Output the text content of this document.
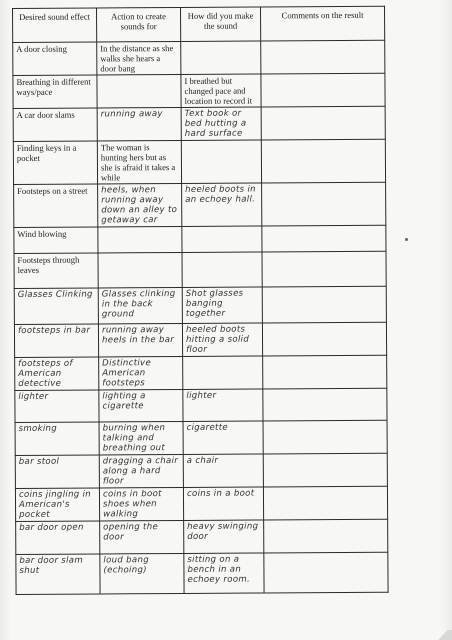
Desired sound effect	Action to create sounds for	How did you make the sound	Comments on the result
A door closing	In the distance as she walks she hears a door bang		
Breathing in different ways/pace		I breathed but changed pace and location to record it	
A car door slams	running away	Text book or bed hutting a hard surface	
Finding keys in a pocket	The woman is hunting hers but as she is afraid it takes a while		
Footsteps on a street	heels, when running away down an alley to getaway car	heeled boots in an echoey hall.	
Wind blowing			
Footsteps through leaves			
Glasses Clinking	Glasses clinking in the back ground	Shot glasses banging together	
footsteps in bar	running away heels in the bar	heeled boots hitting a solid floor	
footsteps of American detective	Distinctive American footsteps		
lighter	lighting a cigarette	lighter	
smoking	burning when talking and breathing out	cigarette	
bar stool	dragging a chair along a hard floor	a chair	
coins jingling in American's pocket	coins in boot shoes when walking	coins in a boot	
bar door open	opening the door	heavy swinging door	
bar door slam shut	loud bang (echoing)	sitting on a bench in an echoey room.	
